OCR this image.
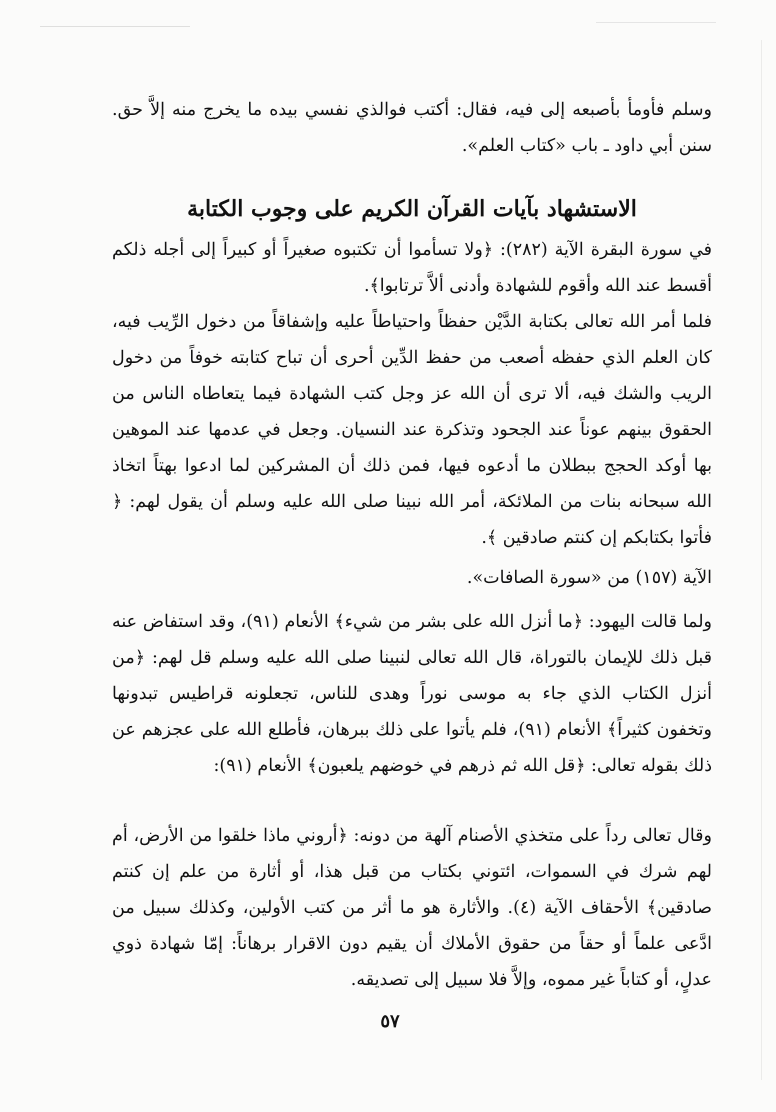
وسلم فأومأ بأصبعه إلى فيه، فقال: أكتب فوالذي نفسي بيده ما يخرج منه إلاَّ حق. سنن أبي داود ـ باب «كتاب العلم».

الاستشهاد بآيات القرآن الكريم على وجوب الكتابة

في سورة البقرة الآية (٢٨٢): ﴿ولا تسأموا أن تكتبوه صغيراً أو كبيراً إلى أجله ذلكم أقسط عند الله وأقوم للشهادة وأدنى ألاَّ ترتابوا﴾.

فلما أمر الله تعالى بكتابة الدَّيْن حفظاً واحتياطاً عليه وإشفاقاً من دخول الرِّيب فيه، كان العلم الذي حفظه أصعب من حفظ الدِّين أحرى أن تباح كتابته خوفاً من دخول الريب والشك فيه، ألا ترى أن الله عز وجل كتب الشهادة فيما يتعاطاه الناس من الحقوق بينهم عوناً عند الجحود وتذكرة عند النسيان. وجعل في عدمها عند الموهين بها أوكد الحجج ببطلان ما أدعوه فيها، فمن ذلك أن المشركين لما ادعوا بهتاً اتخاذ الله سبحانه بنات من الملائكة، أمر الله نبينا صلى الله عليه وسلم أن يقول لهم: ﴿ فأتوا بكتابكم إن كنتم صادقين ﴾.

الآية (١٥٧) من «سورة الصافات».

ولما قالت اليهود: ﴿ما أنزل الله على بشر من شيء﴾ الأنعام (٩١)، وقد استفاض عنه قبل ذلك للإيمان بالتوراة، قال الله تعالى لنبينا صلى الله عليه وسلم قل لهم: ﴿من أنزل الكتاب الذي جاء به موسى نوراً وهدى للناس، تجعلونه قراطيس تبدونها وتخفون كثيراً﴾ الأنعام (٩١)، فلم يأتوا على ذلك ببرهان، فأطلع الله على عجزهم عن ذلك بقوله تعالى: ﴿قل الله ثم ذرهم في خوضهم يلعبون﴾ الأنعام (٩١):

وقال تعالى رداً على متخذي الأصنام آلهة من دونه: ﴿أروني ماذا خلقوا من الأرض، أم لهم شرك في السموات، ائتوني بكتاب من قبل هذا، أو أثارة من علم إن كنتم صادقين﴾ الأحقاف الآية (٤). والأثارة هو ما أثر من كتب الأولين، وكذلك سبيل من ادَّعى علماً أو حقاً من حقوق الأملاك أن يقيم دون الاقرار برهاناً: إمّا شهادة ذوي عدلٍ، أو كتاباً غير مموه، وإلاَّ فلا سبيل إلى تصديقه.

٥٧
